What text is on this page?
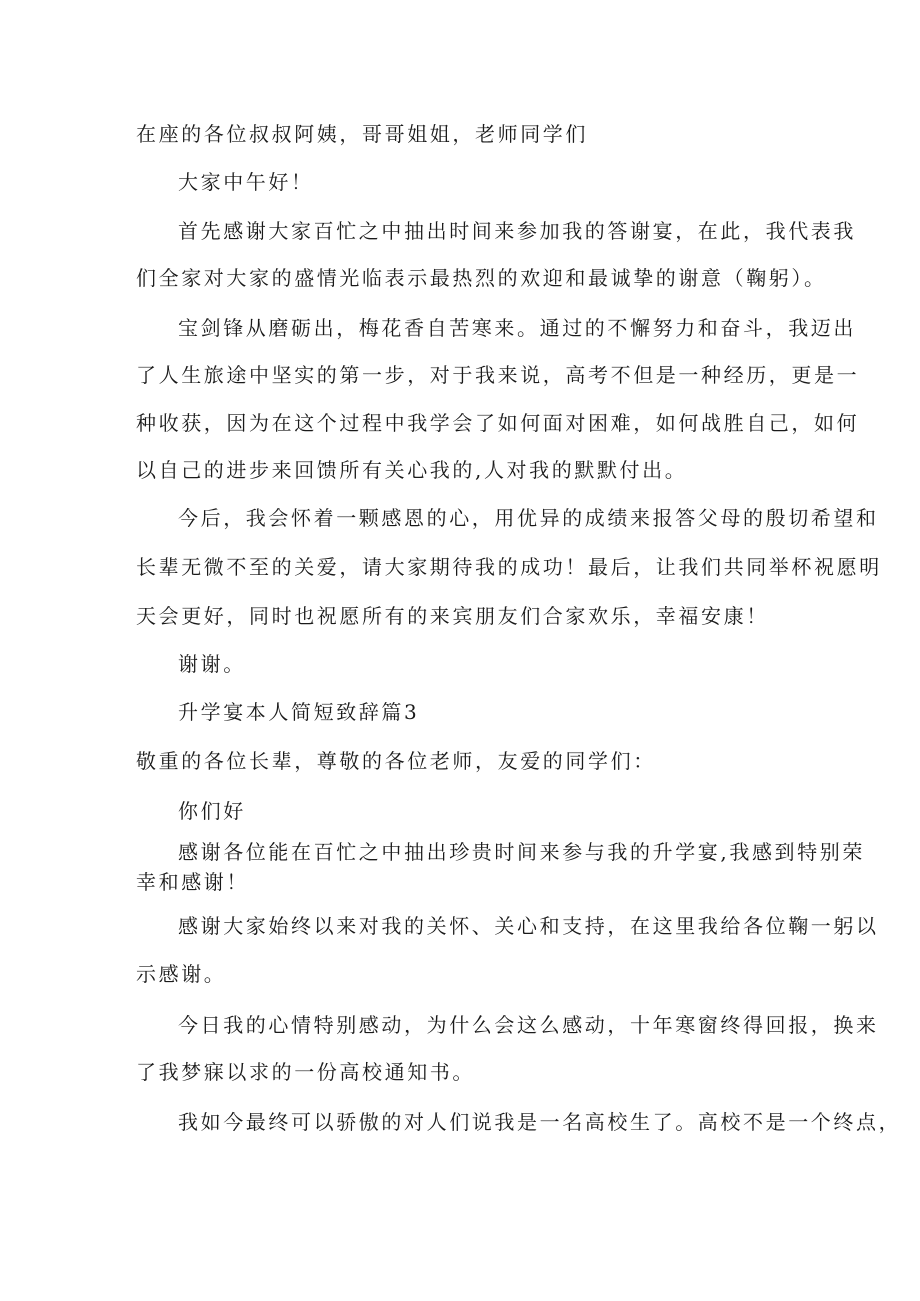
在座的各位叔叔阿姨，哥哥姐姐，老师同学们
大家中午好！
首先感谢大家百忙之中抽出时间来参加我的答谢宴，在此，我代表我
们全家对大家的盛情光临表示最热烈的欢迎和最诚挚的谢意（鞠躬）。
宝剑锋从磨砺出，梅花香自苦寒来。通过的不懈努力和奋斗，我迈出
了人生旅途中坚实的第一步，对于我来说，高考不但是一种经历，更是一
种收获，因为在这个过程中我学会了如何面对困难，如何战胜自己，如何
以自己的进步来回馈所有关心我的,人对我的默默付出。
今后，我会怀着一颗感恩的心，用优异的成绩来报答父母的殷切希望和
长辈无微不至的关爱，请大家期待我的成功！最后，让我们共同举杯祝愿明
天会更好，同时也祝愿所有的来宾朋友们合家欢乐，幸福安康！
谢谢。
升学宴本人简短致辞篇3
敬重的各位长辈，尊敬的各位老师，友爱的同学们：
你们好
感谢各位能在百忙之中抽出珍贵时间来参与我的升学宴,我感到特别荣
幸和感谢！
感谢大家始终以来对我的关怀、关心和支持，在这里我给各位鞠一躬以
示感谢。
今日我的心情特别感动，为什么会这么感动，十年寒窗终得回报，换来
了我梦寐以求的一份高校通知书。
我如今最终可以骄傲的对人们说我是一名高校生了。高校不是一个终点，
